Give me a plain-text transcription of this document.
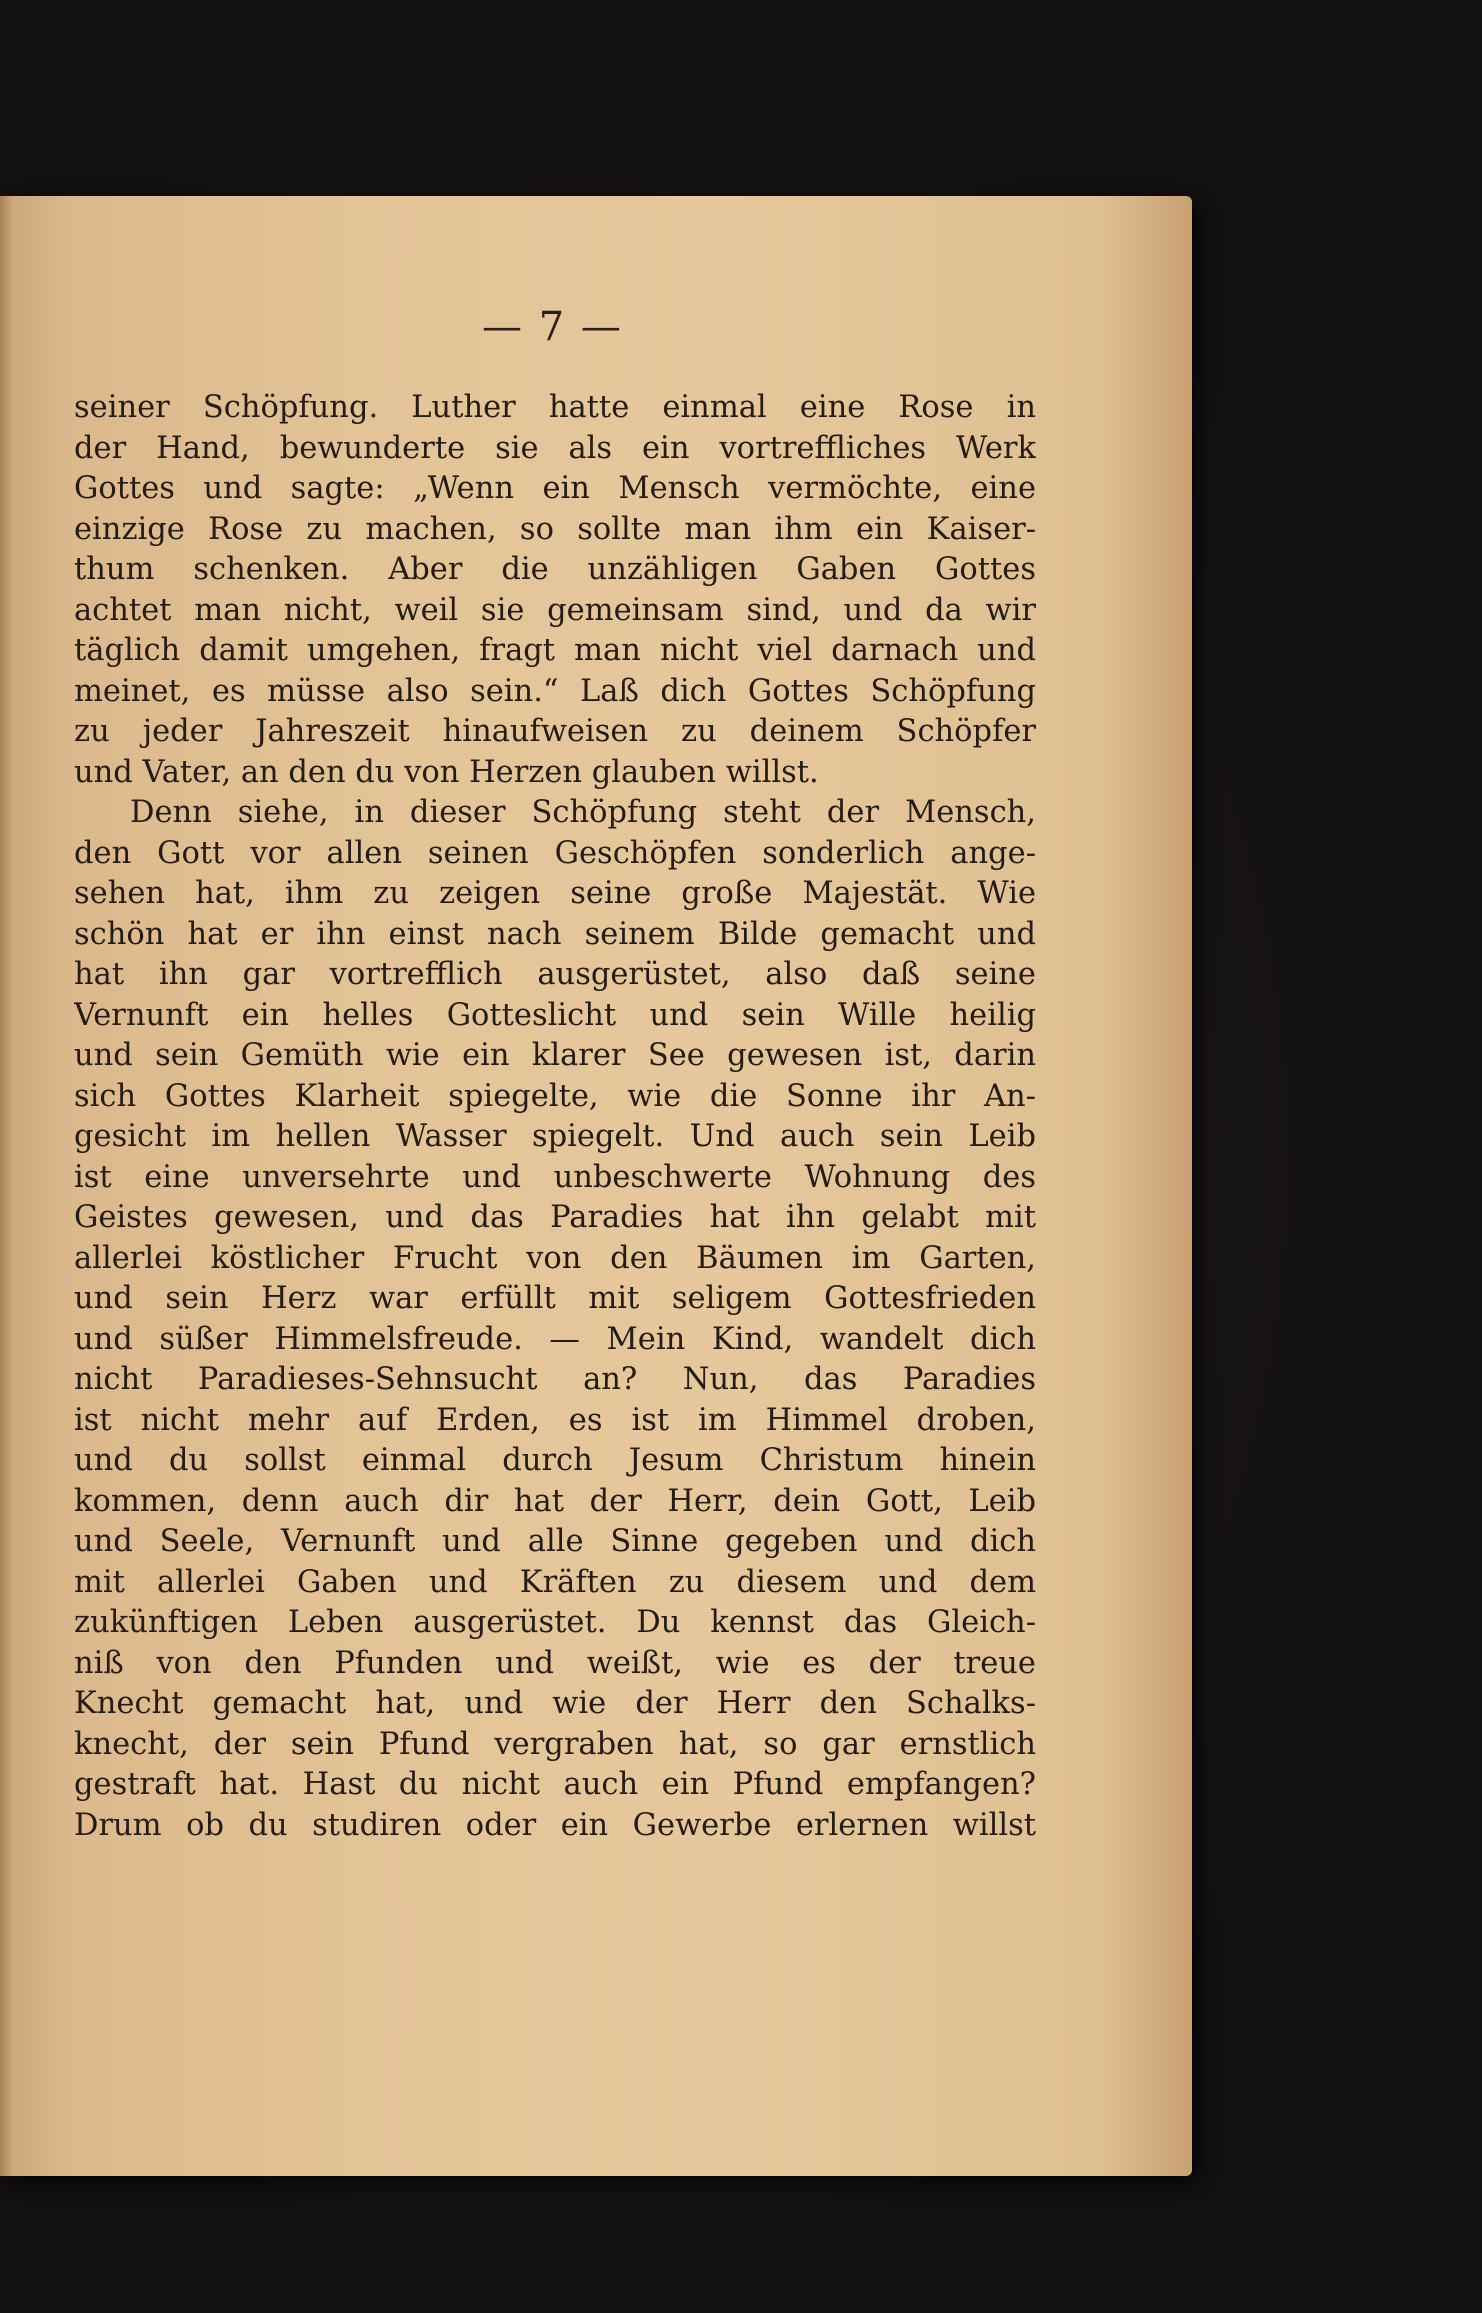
— 7 —
seiner Schöpfung. Luther hatte einmal eine Rose in
der Hand, bewunderte sie als ein vortreffliches Werk
Gottes und sagte: „Wenn ein Mensch vermöchte, eine
einzige Rose zu machen, so sollte man ihm ein Kaiser-
thum schenken. Aber die unzähligen Gaben Gottes
achtet man nicht, weil sie gemeinsam sind, und da wir
täglich damit umgehen, fragt man nicht viel darnach und
meinet, es müsse also sein.“ Laß dich Gottes Schöpfung
zu jeder Jahreszeit hinaufweisen zu deinem Schöpfer
und Vater, an den du von Herzen glauben willst.
Denn siehe, in dieser Schöpfung steht der Mensch,
den Gott vor allen seinen Geschöpfen sonderlich ange-
sehen hat, ihm zu zeigen seine große Majestät. Wie
schön hat er ihn einst nach seinem Bilde gemacht und
hat ihn gar vortrefflich ausgerüstet, also daß seine
Vernunft ein helles Gotteslicht und sein Wille heilig
und sein Gemüth wie ein klarer See gewesen ist, darin
sich Gottes Klarheit spiegelte, wie die Sonne ihr An-
gesicht im hellen Wasser spiegelt. Und auch sein Leib
ist eine unversehrte und unbeschwerte Wohnung des
Geistes gewesen, und das Paradies hat ihn gelabt mit
allerlei köstlicher Frucht von den Bäumen im Garten,
und sein Herz war erfüllt mit seligem Gottesfrieden
und süßer Himmelsfreude. — Mein Kind, wandelt dich
nicht Paradieses-Sehnsucht an? Nun, das Paradies
ist nicht mehr auf Erden, es ist im Himmel droben,
und du sollst einmal durch Jesum Christum hinein
kommen, denn auch dir hat der Herr, dein Gott, Leib
und Seele, Vernunft und alle Sinne gegeben und dich
mit allerlei Gaben und Kräften zu diesem und dem
zukünftigen Leben ausgerüstet. Du kennst das Gleich-
niß von den Pfunden und weißt, wie es der treue
Knecht gemacht hat, und wie der Herr den Schalks-
knecht, der sein Pfund vergraben hat, so gar ernstlich
gestraft hat. Hast du nicht auch ein Pfund empfangen?
Drum ob du studiren oder ein Gewerbe erlernen willst
